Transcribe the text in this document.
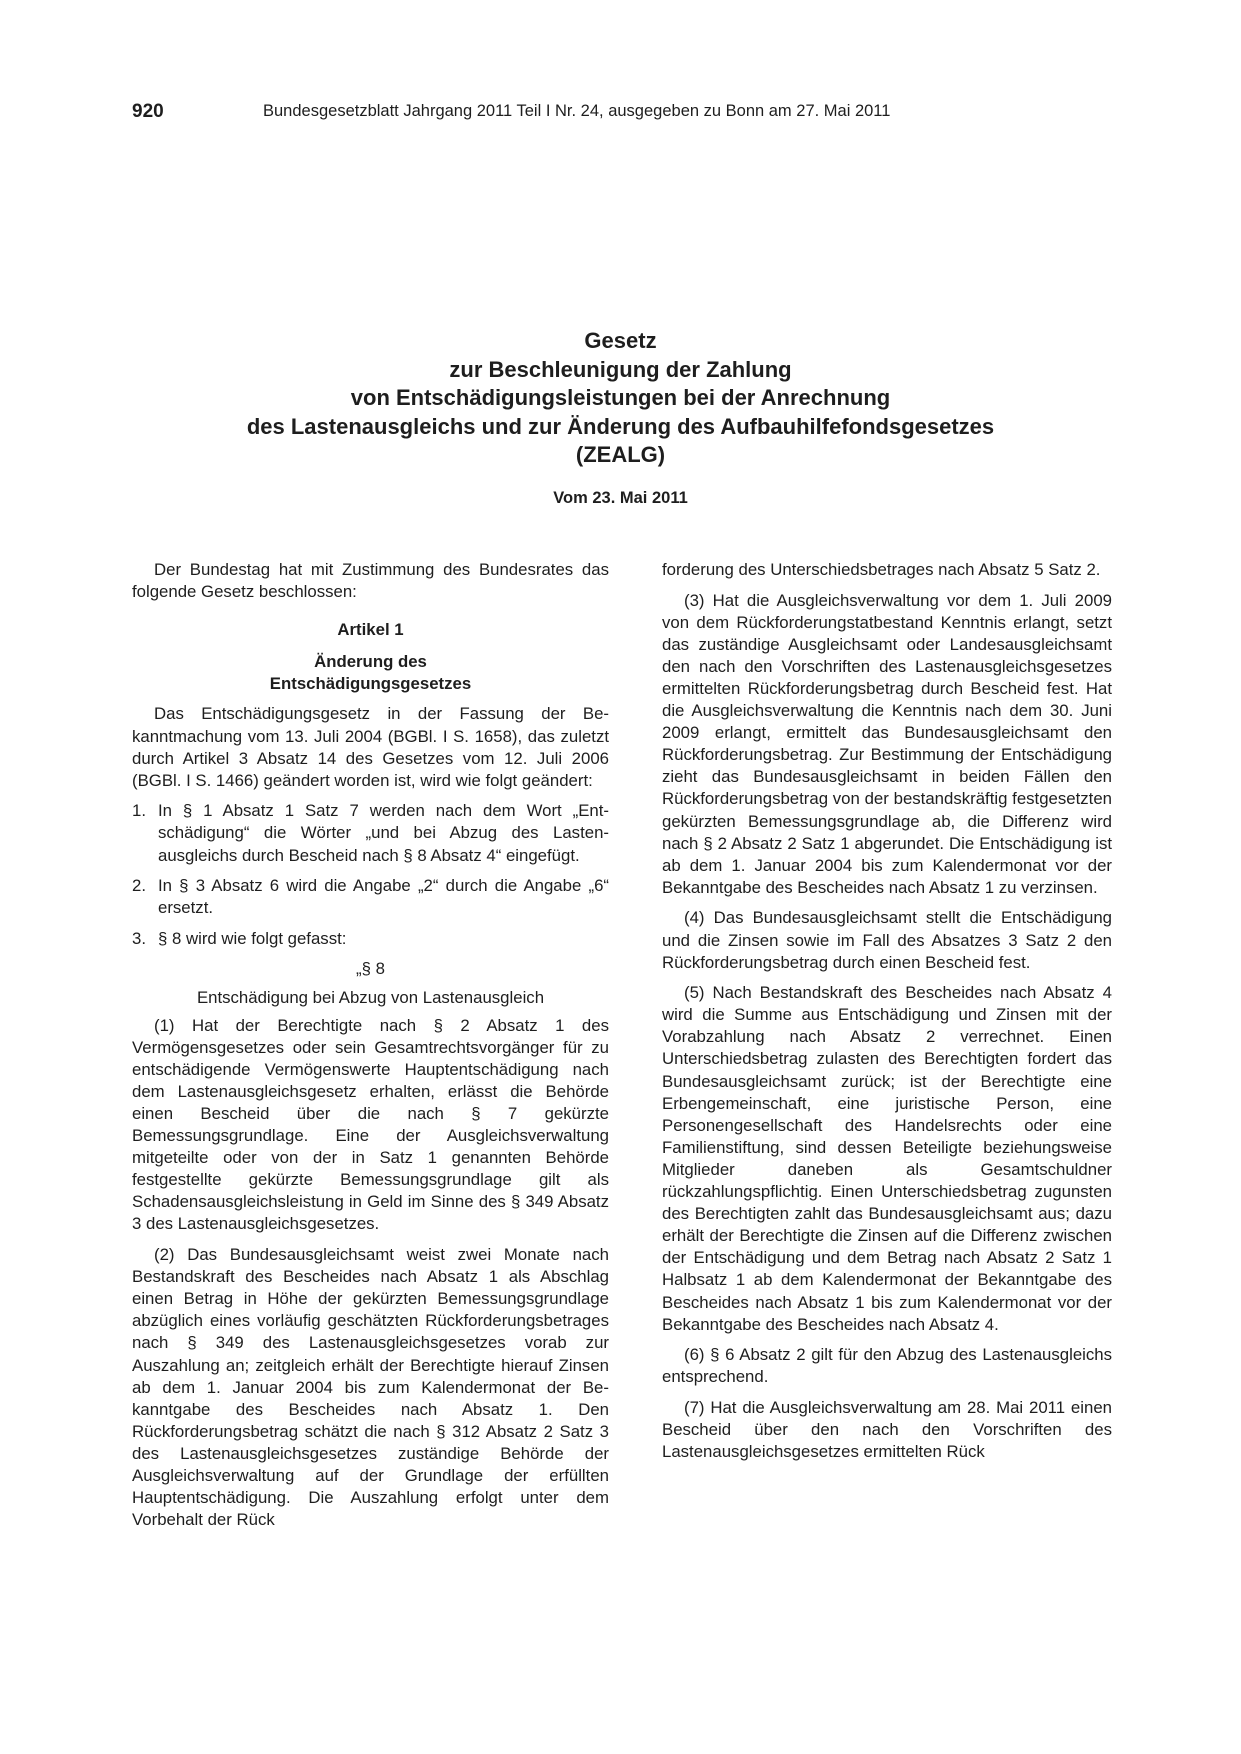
920	Bundesgesetzblatt Jahrgang 2011 Teil I Nr. 24, ausgegeben zu Bonn am 27. Mai 2011
Gesetz
zur Beschleunigung der Zahlung
von Entschädigungsleistungen bei der Anrechnung
des Lastenausgleichs und zur Änderung des Aufbauhilfefondsgesetzes
(ZEALG)
Vom 23. Mai 2011

Der Bundestag hat mit Zustimmung des Bundesrates das folgende Gesetz beschlossen:

Artikel 1
Änderung des
Entschädigungsgesetzes

Das Entschädigungsgesetz in der Fassung der Bekanntmachung vom 13. Juli 2004 (BGBl. I S. 1658), das zuletzt durch Artikel 3 Absatz 14 des Gesetzes vom 12. Juli 2006 (BGBl. I S. 1466) geändert worden ist, wird wie folgt geändert:

1. In § 1 Absatz 1 Satz 7 werden nach dem Wort „Entschädigung“ die Wörter „und bei Abzug des Lastenausgleichs durch Bescheid nach § 8 Absatz 4“ eingefügt.
2. In § 3 Absatz 6 wird die Angabe „2“ durch die Angabe „6“ ersetzt.
3. § 8 wird wie folgt gefasst:
„§ 8
Entschädigung bei Abzug von Lastenausgleich

(1) Hat der Berechtigte nach § 2 Absatz 1 des Vermögensgesetzes oder sein Gesamtrechtsvorgänger für zu entschädigende Vermögenswerte Hauptentschädigung nach dem Lastenausgleichsgesetz erhalten, erlässt die Behörde einen Bescheid über die nach § 7 gekürzte Bemessungsgrundlage. Eine der Ausgleichsverwaltung mitgeteilte oder von der in Satz 1 genannten Behörde festgestellte gekürzte Bemessungsgrundlage gilt als Schadensausgleichsleistung in Geld im Sinne des § 349 Absatz 3 des Lastenausgleichsgesetzes.

(2) Das Bundesausgleichsamt weist zwei Monate nach Bestandskraft des Bescheides nach Absatz 1 als Abschlag einen Betrag in Höhe der gekürzten Bemessungsgrundlage abzüglich eines vorläufig geschätzten Rückforderungsbetrages nach § 349 des Lastenausgleichsgesetzes vorab zur Auszahlung an; zeitgleich erhält der Berechtigte hierauf Zinsen ab dem 1. Januar 2004 bis zum Kalendermonat der Bekanntgabe des Bescheides nach Absatz 1. Den Rückforderungsbetrag schätzt die nach § 312 Absatz 2 Satz 3 des Lastenausgleichsgesetzes zuständige Behörde der Ausgleichsverwaltung auf der Grundlage der erfüllten Hauptentschädigung. Die Auszahlung erfolgt unter dem Vorbehalt der Rück

forderung des Unterschiedsbetrages nach Absatz 5 Satz 2.

(3) Hat die Ausgleichsverwaltung vor dem 1. Juli 2009 von dem Rückforderungstatbestand Kenntnis erlangt, setzt das zuständige Ausgleichsamt oder Landesausgleichsamt den nach den Vorschriften des Lastenausgleichsgesetzes ermittelten Rückforderungsbetrag durch Bescheid fest. Hat die Ausgleichsverwaltung die Kenntnis nach dem 30. Juni 2009 erlangt, ermittelt das Bundesausgleichsamt den Rückforderungsbetrag. Zur Bestimmung der Entschädigung zieht das Bundesausgleichsamt in beiden Fällen den Rückforderungsbetrag von der bestandskräftig festgesetzten gekürzten Bemessungsgrundlage ab, die Differenz wird nach § 2 Absatz 2 Satz 1 abgerundet. Die Entschädigung ist ab dem 1. Januar 2004 bis zum Kalendermonat vor der Bekanntgabe des Bescheides nach Absatz 1 zu verzinsen.

(4) Das Bundesausgleichsamt stellt die Entschädigung und die Zinsen sowie im Fall des Absatzes 3 Satz 2 den Rückforderungsbetrag durch einen Bescheid fest.

(5) Nach Bestandskraft des Bescheides nach Absatz 4 wird die Summe aus Entschädigung und Zinsen mit der Vorabzahlung nach Absatz 2 verrechnet. Einen Unterschiedsbetrag zulasten des Berechtigten fordert das Bundesausgleichsamt zurück; ist der Berechtigte eine Erbengemeinschaft, eine juristische Person, eine Personengesellschaft des Handelsrechts oder eine Familienstiftung, sind dessen Beteiligte beziehungsweise Mitglieder daneben als Gesamtschuldner rückzahlungspflichtig. Einen Unterschiedsbetrag zugunsten des Berechtigten zahlt das Bundesausgleichsamt aus; dazu erhält der Berechtigte die Zinsen auf die Differenz zwischen der Entschädigung und dem Betrag nach Absatz 2 Satz 1 Halbsatz 1 ab dem Kalendermonat der Bekanntgabe des Bescheides nach Absatz 1 bis zum Kalendermonat vor der Bekanntgabe des Bescheides nach Absatz 4.

(6) § 6 Absatz 2 gilt für den Abzug des Lastenausgleichs entsprechend.

(7) Hat die Ausgleichsverwaltung am 28. Mai 2011 einen Bescheid über den nach den Vorschriften des Lastenausgleichsgesetzes ermittelten Rück
